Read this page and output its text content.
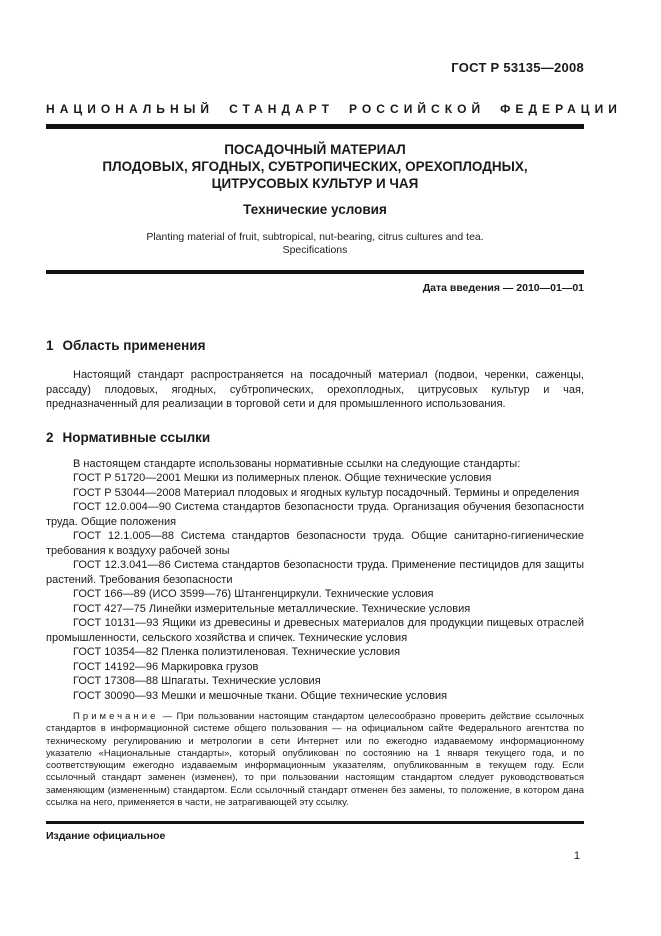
ГОСТ Р 53135—2008
НАЦИОНАЛЬНЫЙ СТАНДАРТ РОССИЙСКОЙ ФЕДЕРАЦИИ
ПОСАДОЧНЫЙ МАТЕРИАЛ
ПЛОДОВЫХ, ЯГОДНЫХ, СУБТРОПИЧЕСКИХ, ОРЕХОПЛОДНЫХ,
ЦИТРУСОВЫХ КУЛЬТУР И ЧАЯ
Технические условия
Planting material of fruit, subtropical, nut-bearing, citrus cultures and tea.
Specifications
Дата введения — 2010—01—01
1 Область применения

Настоящий стандарт распространяется на посадочный материал (подвои, черенки, саженцы, рассаду) плодовых, ягодных, субтропических, орехоплодных, цитрусовых культур и чая, предназначенный для реализации в торговой сети и для промышленного использования.

2 Нормативные ссылки

В настоящем стандарте использованы нормативные ссылки на следующие стандарты:

ГОСТ Р 51720—2001 Мешки из полимерных пленок. Общие технические условия

ГОСТ Р 53044—2008 Материал плодовых и ягодных культур посадочный. Термины и определения

ГОСТ 12.0.004—90 Система стандартов безопасности труда. Организация обучения безопасности труда. Общие положения

ГОСТ 12.1.005—88 Система стандартов безопасности труда. Общие санитарно-гигиенические требования к воздуху рабочей зоны

ГОСТ 12.3.041—86 Система стандартов безопасности труда. Применение пестицидов для защиты растений. Требования безопасности

ГОСТ 166—89 (ИСО 3599—76) Штангенциркули. Технические условия

ГОСТ 427—75 Линейки измерительные металлические. Технические условия

ГОСТ 10131—93 Ящики из древесины и древесных материалов для продукции пищевых отраслей промышленности, сельского хозяйства и спичек. Технические условия

ГОСТ 10354—82 Пленка полиэтиленовая. Технические условия

ГОСТ 14192—96 Маркировка грузов

ГОСТ 17308—88 Шпагаты. Технические условия

ГОСТ 30090—93 Мешки и мешочные ткани. Общие технические условия

Примечание — При пользовании настоящим стандартом целесообразно проверить действие ссылочных стандартов в информационной системе общего пользования — на официальном сайте Федерального агентства по техническому регулированию и метрологии в сети Интернет или по ежегодно издаваемому информационному указателю «Национальные стандарты», который опубликован по состоянию на 1 января текущего года, и по соответствующим ежегодно издаваемым информационным указателям, опубликованным в текущем году. Если ссылочный стандарт заменен (изменен), то при пользовании настоящим стандартом следует руководствоваться заменяющим (измененным) стандартом. Если ссылочный стандарт отменен без замены, то положение, в котором дана ссылка на него, применяется в части, не затрагивающей эту ссылку.

Издание официальное
1
